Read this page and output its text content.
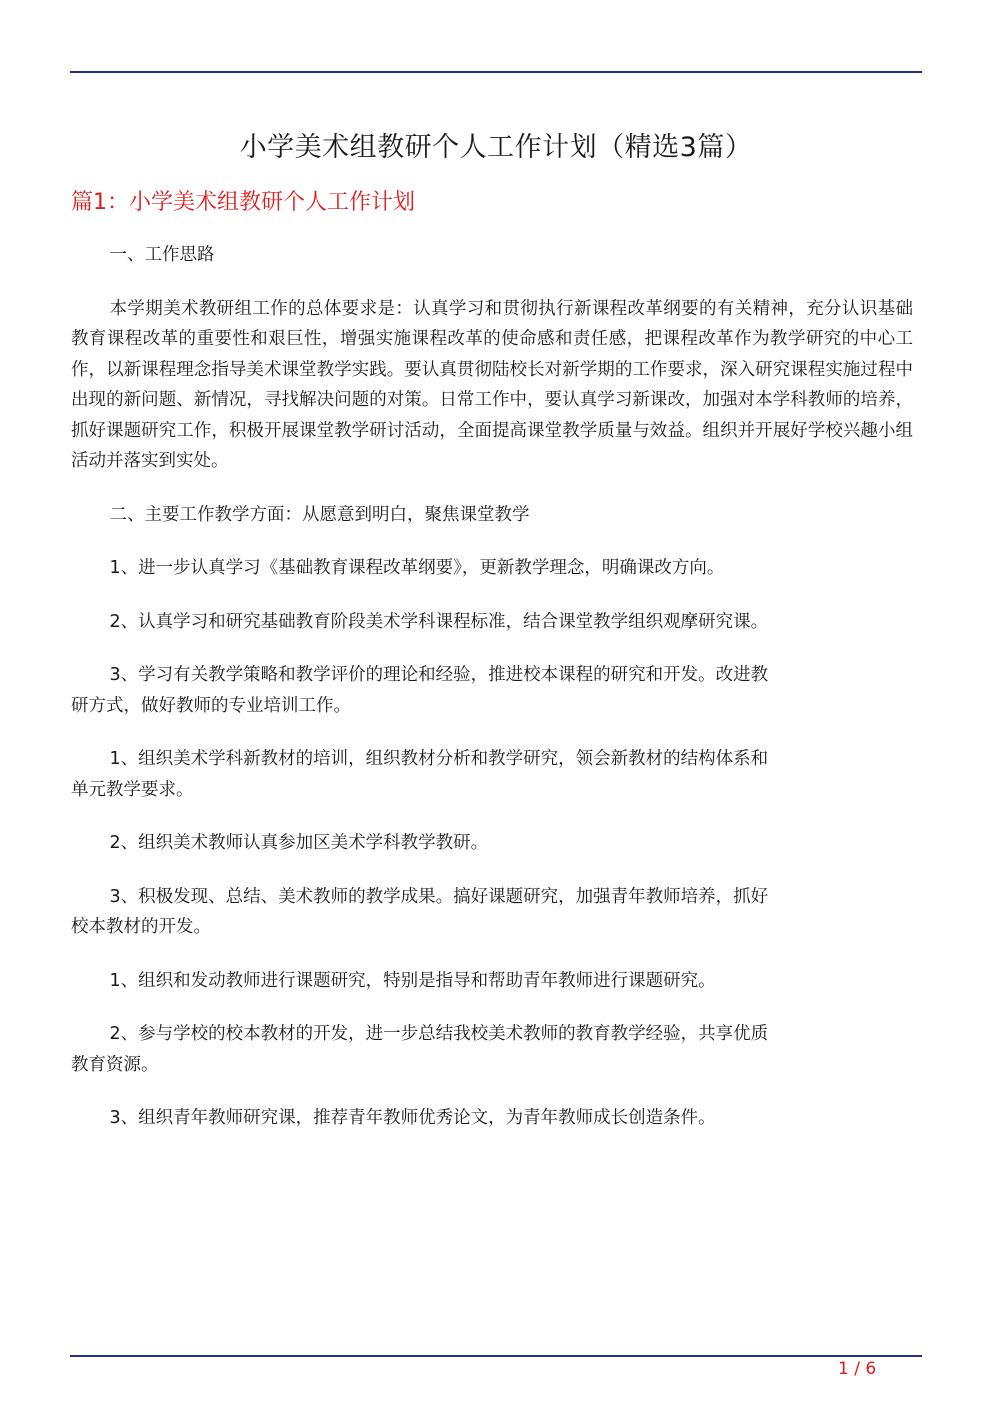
小学美术组教研个人工作计划（精选3篇）
篇1：小学美术组教研个人工作计划

一、工作思路

本学期美术教研组工作的总体要求是：认真学习和贯彻执行新课程改革纲要的有关精神，充分认识基础教育课程改革的重要性和艰巨性，增强实施课程改革的使命感和责任感，把课程改革作为教学研究的中心工作，以新课程理念指导美术课堂教学实践。要认真贯彻陆校长对新学期的工作要求，深入研究课程实施过程中出现的新问题、新情况，寻找解决问题的对策。日常工作中，要认真学习新课改，加强对本学科教师的培养，抓好课题研究工作，积极开展课堂教学研讨活动，全面提高课堂教学质量与效益。组织并开展好学校兴趣小组活动并落实到实处。

二、主要工作教学方面：从愿意到明白，聚焦课堂教学

1、进一步认真学习《基础教育课程改革纲要》，更新教学理念，明确课改方向。

2、认真学习和研究基础教育阶段美术学科课程标准，结合课堂教学组织观摩研究课。

3、学习有关教学策略和教学评价的理论和经验，推进校本课程的研究和开发。改进教研方式，做好教师的专业培训工作。

1、组织美术学科新教材的培训，组织教材分析和教学研究，领会新教材的结构体系和单元教学要求。

2、组织美术教师认真参加区美术学科教学教研。

3、积极发现、总结、美术教师的教学成果。搞好课题研究，加强青年教师培养，抓好校本教材的开发。

1、组织和发动教师进行课题研究，特别是指导和帮助青年教师进行课题研究。

2、参与学校的校本教材的开发，进一步总结我校美术教师的教育教学经验，共享优质教育资源。

3、组织青年教师研究课，推荐青年教师优秀论文，为青年教师成长创造条件。

1 / 6
